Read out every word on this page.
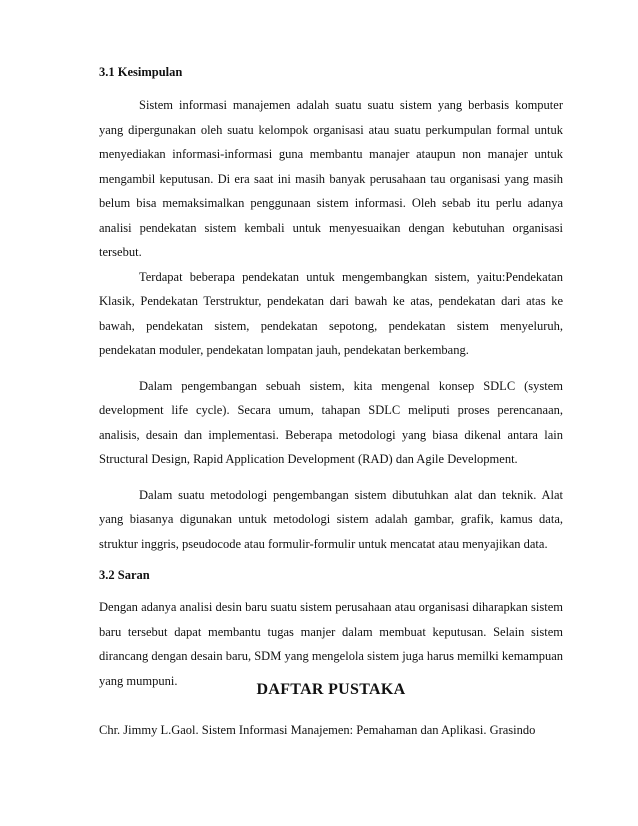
3.1 Kesimpulan

Sistem informasi manajemen adalah suatu suatu sistem yang berbasis komputer yang dipergunakan oleh suatu kelompok organisasi atau suatu perkumpulan formal untuk menyediakan informasi-informasi guna membantu manajer ataupun non manajer untuk mengambil keputusan. Di era saat ini masih banyak perusahaan tau organisasi yang masih belum bisa memaksimalkan penggunaan sistem informasi. Oleh sebab itu perlu adanya analisi pendekatan sistem kembali untuk menyesuaikan dengan kebutuhan organisasi tersebut.

Terdapat beberapa pendekatan untuk mengembangkan sistem, yaitu:Pendekatan Klasik, Pendekatan Terstruktur, pendekatan dari bawah ke atas, pendekatan dari atas ke bawah, pendekatan sistem, pendekatan sepotong, pendekatan sistem menyeluruh, pendekatan moduler, pendekatan lompatan jauh, pendekatan berkembang.

Dalam pengembangan sebuah sistem, kita mengenal konsep SDLC (system development life cycle). Secara umum, tahapan SDLC meliputi proses perencanaan, analisis, desain dan implementasi. Beberapa metodologi yang biasa dikenal antara lain Structural Design, Rapid Application Development (RAD) dan Agile Development.

Dalam suatu metodologi pengembangan sistem dibutuhkan alat dan teknik. Alat yang biasanya digunakan untuk metodologi sistem adalah gambar, grafik, kamus data, struktur inggris, pseudocode atau formulir-formulir untuk mencatat atau menyajikan data.

3.2 Saran

Dengan adanya analisi desin baru suatu sistem perusahaan atau organisasi diharapkan sistem baru tersebut dapat membantu tugas manjer dalam membuat keputusan. Selain sistem dirancang dengan desain baru, SDM yang mengelola sistem juga harus memilki kemampuan yang mumpuni.

DAFTAR PUSTAKA

Chr. Jimmy L.Gaol. Sistem Informasi Manajemen: Pemahaman dan Aplikasi. Grasindo
